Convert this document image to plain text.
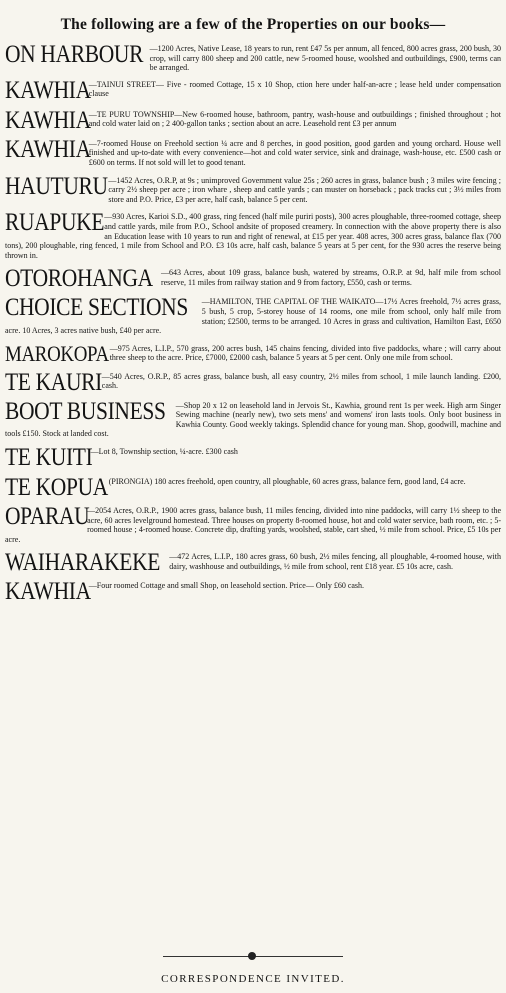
The following are a few of the Properties on our books—
ON HARBOUR —1200 Acres, Native Lease, 18 years to run, rent £47 5s per annum, all fenced, 800 acres grass, 200 bush, 30 crop, will carry 800 sheep and 200 cattle, new 5-roomed house, woolshed and outbuildings, £900, terms can be arranged.
KAWHIA
—TAINUI STREET— Five - roomed Cottage, 15 x 10 Shop, ction here under half-an-acre ; lease held under compensation clause
KAWHIA
—TE PURU TOWNSHIP—New 6-roomed house, bathroom, pantry, wash-house and outbuildings ; finished throughout ; hot and cold water laid on ; 2 400-gallon tanks ; section about an acre. Leasehold rent £3 per annum
KAWHIA
—7-roomed House on Freehold section ¼ acre and 8 perches, in good position, good garden and young orchard. House well finished and up-to-date with every convenience—hot and cold water service, sink and drainage, wash-house, etc. £500 cash or £600 on terms. If not sold will let to good tenant.
HAUTURU —1452 Acres, O.R.P, at 9s ; unimproved Government value 25s ; 260 acres in grass, balance bush ; 3 miles wire fencing ; carry 2½ sheep per acre ; iron whare , sheep and cattle yards ; can muster on horseback ; pack tracks cut ; 3½ miles from store and P.O. Price, £3 per acre, half cash, balance 5 per cent.
RUAPUKE —930 Acres, Karioi S.D., 400 grass, ring fenced (half mile puriri posts), 300 acres ploughable, three-roomed cottage, sheep and cattle yards, mile from P.O., School andsite of proposed creamery. In connection with the above property there is also an Education lease with 10 years to run and right of renewal, at £15 per year. 408 acres, 300 acres grass, balance flax (700 tons), 200 ploughable, ring fenced, 1 mile from School and P.O. £3 10s acre, half cash, balance 5 years at 5 per cent, for the 930 acres the reserve being thrown in.
OTOROHANGA —643 Acres, about 109 grass, balance bush, watered by streams, O.R.P. at 9d, half mile from school reserve, 11 miles from railway station and 9 from factory, £550, cash or terms.
CHOICE SECTIONS —HAMILTON, THE CAPITAL OF THE WAIKATO—17½ Acres freehold, 7½ acres grass, 5 bush, 5 crop, 5-storey house of 14 rooms, one mile from school, only half mile from station; £2500, terms to be arranged. 10 Acres in grass and cultivation, Hamilton East, £650 acre. 10 Acres, 3 acres native bush, £40 per acre.
MAROKOPA —975 Acres, L.I.P., 570 grass, 200 acres bush, 145 chains fencing, divided into five paddocks, whare ; will carry about three sheep to the acre. Price, £7000, £2000 cash, balance 5 years at 5 per cent. Only one mile from school.
TE KAURI —540 Acres, O.R.P., 85 acres grass, balance bush, all easy country, 2½ miles from school, 1 mile launch landing. £200, cash.
BOOT BUSINESS —Shop 20 x 12 on leasehold land in Jervois St., Kawhia, ground rent 1s per week. High arm Singer Sewing machine (nearly new), two sets mens' and womens' iron lasts tools. Only boot business in Kawhia County. Good weekly takings. Splendid chance for young man. Shop, goodwill, machine and tools £150. Stock at landed cost.
TE KUITI
—Lot 8, Township section, ¼-acre. £300 cash
TE KOPUA (PIRONGIA) 180 acres freehold, open country, all ploughable, 60 acres grass, balance fern, good land, £4 acre.
OPARAU
—2054 Acres, O.R.P., 1900 acres grass, balance bush, 11 miles fencing, divided into nine paddocks, will carry 1½ sheep to the acre, 60 acres levelground homestead. Three houses on property 8-roomed house, hot and cold water service, bath room, etc. ; 5-roomed house ; 4-roomed house. Concrete dip, drafting yards, woolshed, stable, cart shed, ½ mile from school. Price, £5 10s per acre.
WAIHARAKEKE —472 Acres, L.I.P., 180 acres grass, 60 bush, 2½ miles fencing, all ploughable, 4-roomed house, with dairy, washhouse and outbuildings, ½ mile from school, rent £18 year. £5 10s acre, cash.
KAWHIA
—Four roomed Cottage and small Shop, on leasehold section. Price— Only £60 cash.
CORRESPONDENCE INVITED.
